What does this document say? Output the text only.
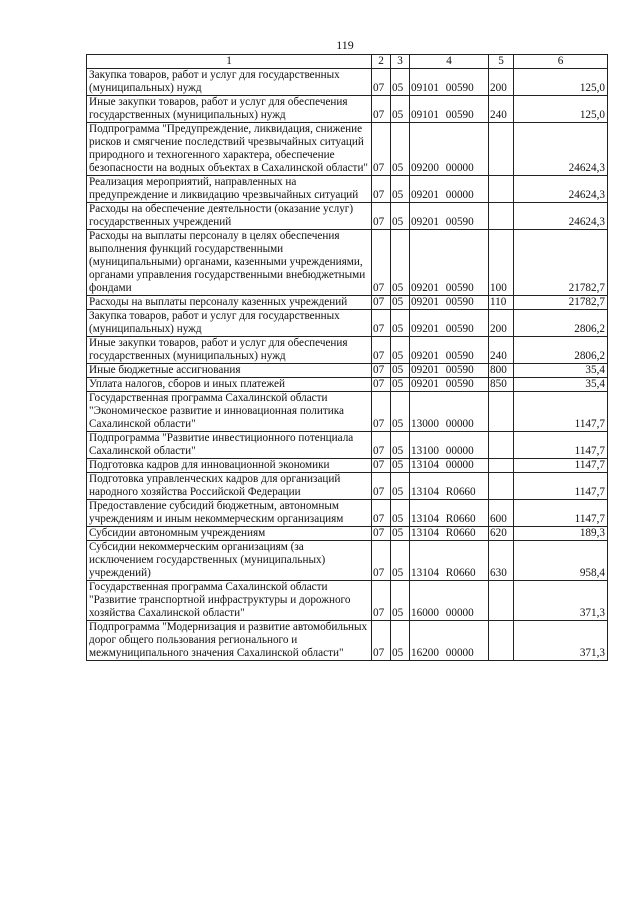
119
1	2	3	4	5	6
Закупка товаров, работ и услуг для государственных (муниципальных) нужд	07	05	09101 00590	200	125,0
Иные закупки товаров, работ и услуг для обеспечения государственных (муниципальных) нужд	07	05	09101 00590	240	125,0
Подпрограмма "Предупреждение, ликвидация, снижение рисков и смягчение последствий чрезвычайных ситуаций природного и техногенного характера, обеспечение безопасности на водных объектах в Сахалинской области"	07	05	09200 00000		24624,3
Реализация мероприятий, направленных на предупреждение и ликвидацию чрезвычайных ситуаций	07	05	09201 00000		24624,3
Расходы на обеспечение деятельности (оказание услуг) государственных учреждений	07	05	09201 00590		24624,3
Расходы на выплаты персоналу в целях обеспечения выполнения функций государственными (муниципальными) органами, казенными учреждениями, органами управления государственными внебюджетными фондами	07	05	09201 00590	100	21782,7
Расходы на выплаты персоналу казенных учреждений	07	05	09201 00590	110	21782,7
Закупка товаров, работ и услуг для государственных (муниципальных) нужд	07	05	09201 00590	200	2806,2
Иные закупки товаров, работ и услуг для обеспечения государственных (муниципальных) нужд	07	05	09201 00590	240	2806,2
Иные бюджетные ассигнования	07	05	09201 00590	800	35,4
Уплата налогов, сборов и иных платежей	07	05	09201 00590	850	35,4
Государственная программа Сахалинской области "Экономическое развитие и инновационная политика Сахалинской области"	07	05	13000 00000		1147,7
Подпрограмма "Развитие инвестиционного потенциала Сахалинской области"	07	05	13100 00000		1147,7
Подготовка кадров для инновационной экономики	07	05	13104 00000		1147,7
Подготовка управленческих кадров для организаций народного хозяйства Российской Федерации	07	05	13104 R0660		1147,7
Предоставление субсидий бюджетным, автономным учреждениям и иным некоммерческим организациям	07	05	13104 R0660	600	1147,7
Субсидии автономным учреждениям	07	05	13104 R0660	620	189,3
Субсидии некоммерческим организациям (за исключением государственных (муниципальных) учреждений)	07	05	13104 R0660	630	958,4
Государственная программа Сахалинской области "Развитие транспортной инфраструктуры и дорожного хозяйства Сахалинской области"	07	05	16000 00000		371,3
Подпрограмма "Модернизация и развитие автомобильных дорог общего пользования регионального и межмуниципального значения Сахалинской области"	07	05	16200 00000		371,3
